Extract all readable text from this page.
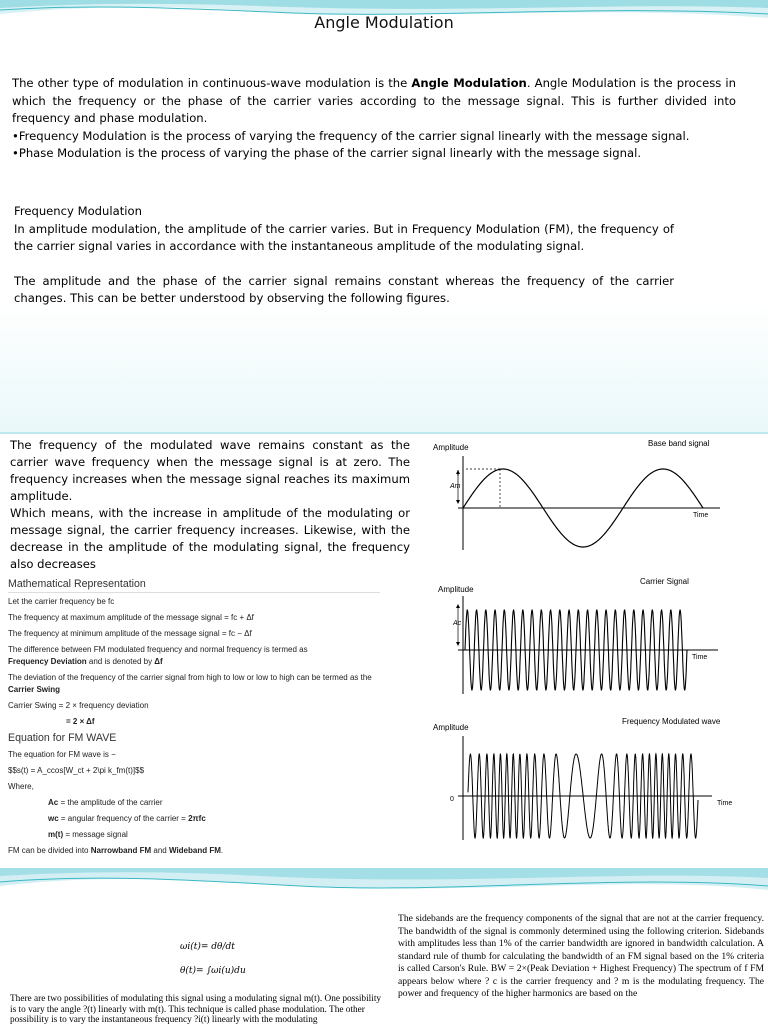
Angle Modulation

The other type of modulation in continuous-wave modulation is the Angle Modulation. Angle Modulation is the process in which the frequency or the phase of the carrier varies according to the message signal. This is further divided into frequency and phase modulation.

•Frequency Modulation is the process of varying the frequency of the carrier signal linearly with the message signal.

•Phase Modulation is the process of varying the phase of the carrier signal linearly with the message signal.

Frequency Modulation
In amplitude modulation, the amplitude of the carrier varies. But in Frequency Modulation (FM), the frequency of the carrier signal varies in accordance with the instantaneous amplitude of the modulating signal.

The amplitude and the phase of the carrier signal remains constant whereas the frequency of the carrier changes. This can be better understood by observing the following figures.

The frequency of the modulated wave remains constant as the carrier wave frequency when the message signal is at zero. The frequency increases when the message signal reaches its maximum amplitude.

Which means, with the increase in amplitude of the modulating or message signal, the carrier frequency increases. Likewise, with the decrease in the amplitude of the modulating signal, the frequency also decreases

Mathematical Representation
Let the carrier frequency be fc
The frequency at maximum amplitude of the message signal = fc + Δf
The frequency at minimum amplitude of the message signal = fc − Δf
The difference between FM modulated frequency and normal frequency is termed as
Frequency Deviation and is denoted by Δf
The deviation of the frequency of the carrier signal from high to low or low to high can be termed as the Carrier Swing
Carrier Swing = 2 × frequency deviation
= 2 × Δf
Equation for FM WAVE
The equation for FM wave is −
$$s(t) = A_ccos[W_ct + 2\pi k_fm(t)]$$
Where,
Ac = the amplitude of the carrier
wc = angular frequency of the carrier = 2πfc
m(t) = message signal
FM can be divided into Narrowband FM and Wideband FM.
Amplitude	Base band signal
Time
Am
Amplitude
Carrier Signal
Time
Ac
Amplitude
Frequency Modulated wave
0
Time
ωi(t)= dθ/dt
θ(t)= ∫ωi(u)du
There are two possibilities of modulating this signal using a modulating signal m(t). One possibility is to vary the angle ?(t) linearly with m(t). This technique is called phase modulation. The other possibility is to vary the instantaneous frequency ?i(t) linearly with the modulating
The sidebands are the frequency components of the signal that are not at the carrier frequency. The bandwidth of the signal is commonly determined using the following criterion. Sidebands with amplitudes less than 1% of the carrier bandwidth are ignored in bandwidth calculation. A standard rule of thumb for calculating the bandwidth of an FM signal based on the 1% criteria is called Carson's Rule. BW = 2×(Peak Deviation + Highest Frequency) The spectrum of f FM appears below where ? c is the carrier frequency and ? m is the modulating frequency. The power and frequency of the higher harmonics are based on the
